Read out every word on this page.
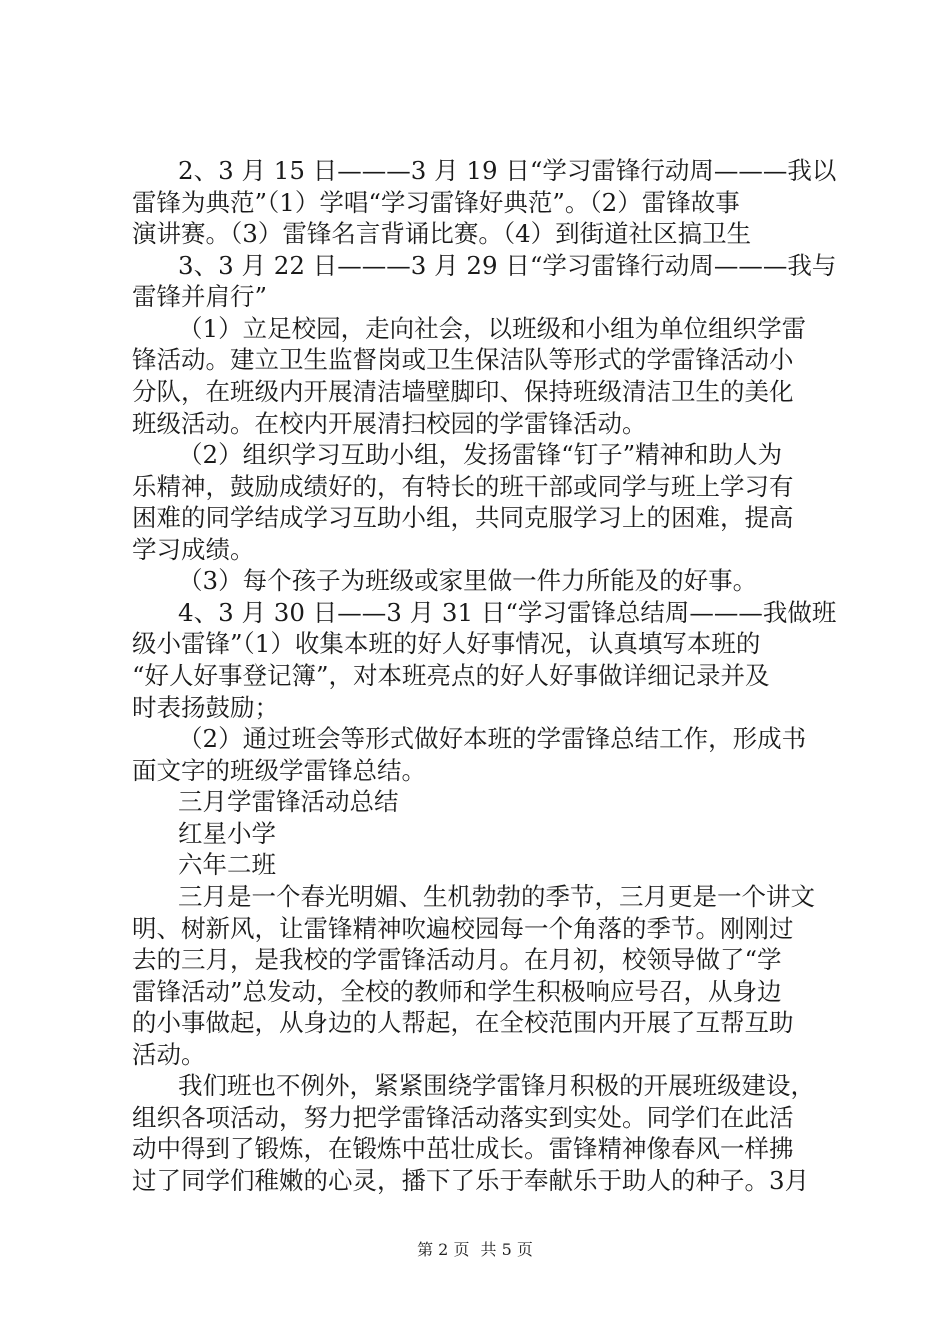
2、3 月 15 日———3 月 19 日“学习雷锋行动周———我以
雷锋为典范”（1）学唱“学习雷锋好典范”。（2）雷锋故事
演讲赛。（3）雷锋名言背诵比赛。（4）到街道社区搞卫生
3、3 月 22 日———3 月 29 日“学习雷锋行动周———我与
雷锋并肩行”
（1）立足校园，走向社会，以班级和小组为单位组织学雷
锋活动。建立卫生监督岗或卫生保洁队等形式的学雷锋活动小
分队，在班级内开展清洁墙壁脚印、保持班级清洁卫生的美化
班级活动。在校内开展清扫校园的学雷锋活动。
（2）组织学习互助小组，发扬雷锋“钉子”精神和助人为
乐精神，鼓励成绩好的，有特长的班干部或同学与班上学习有
困难的同学结成学习互助小组，共同克服学习上的困难，提高
学习成绩。
（3）每个孩子为班级或家里做一件力所能及的好事。
4、3 月 30 日——3 月 31 日“学习雷锋总结周———我做班
级小雷锋”（1）收集本班的好人好事情况，认真填写本班的
“好人好事登记簿”，对本班亮点的好人好事做详细记录并及
时表扬鼓励；
（2）通过班会等形式做好本班的学雷锋总结工作，形成书
面文字的班级学雷锋总结。
三月学雷锋活动总结
红星小学
六年二班
三月是一个春光明媚、生机勃勃的季节，三月更是一个讲文
明、树新风，让雷锋精神吹遍校园每一个角落的季节。刚刚过
去的三月，是我校的学雷锋活动月。在月初，校领导做了“学
雷锋活动”总发动，全校的教师和学生积极响应号召，从身边
的小事做起，从身边的人帮起，在全校范围内开展了互帮互助
活动。
我们班也不例外，紧紧围绕学雷锋月积极的开展班级建设，
组织各项活动，努力把学雷锋活动落实到实处。同学们在此活
动中得到了锻炼，在锻炼中茁壮成长。雷锋精神像春风一样拂
过了同学们稚嫩的心灵，播下了乐于奉献乐于助人的种子。3月
第 2 页 共 5 页
